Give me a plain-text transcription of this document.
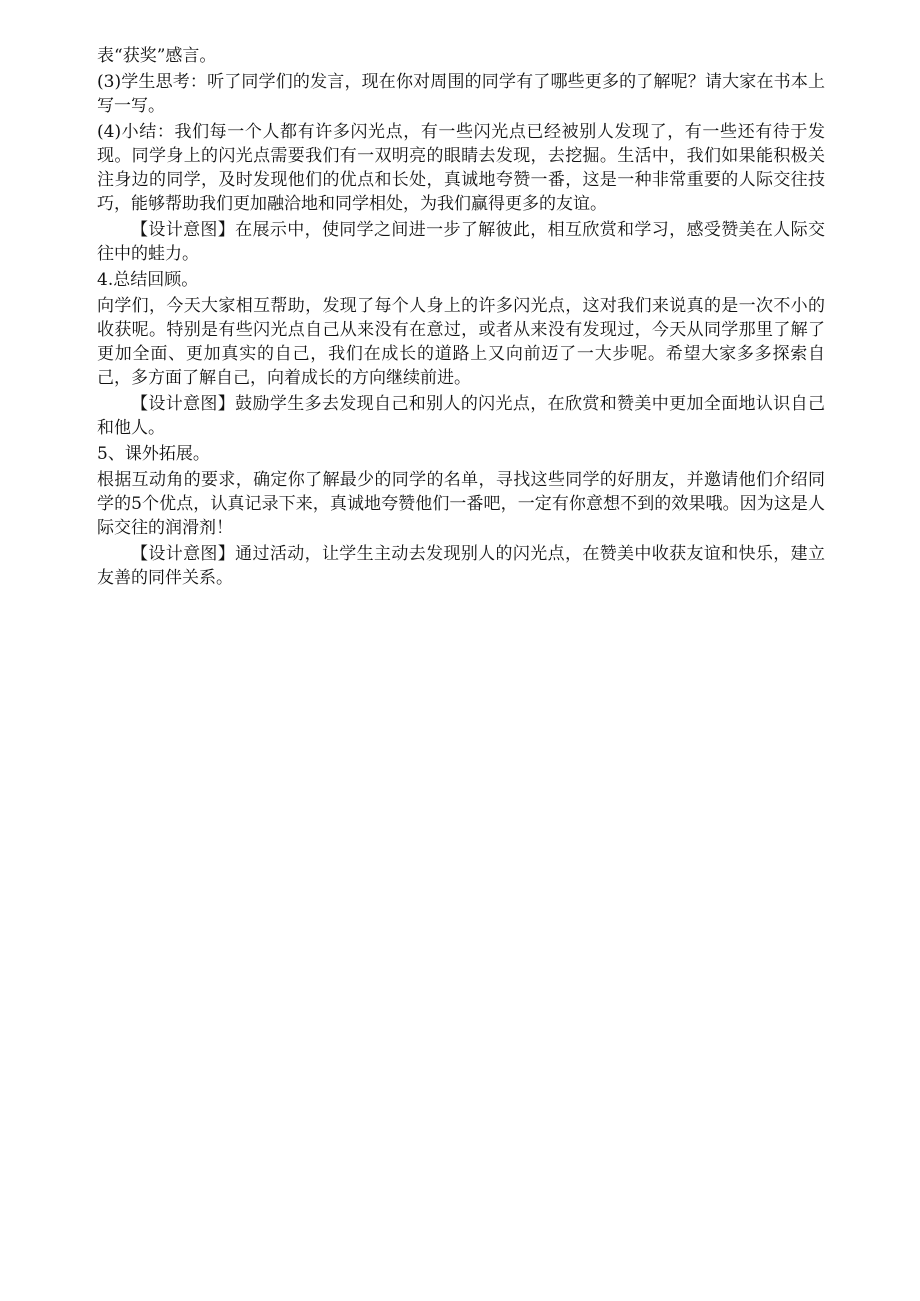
表“获奖”感言。

(3)学生思考：听了同学们的发言，现在你对周围的同学有了哪些更多的了解呢？请大家在书本上写一写。

(4)小结：我们每一个人都有许多闪光点，有一些闪光点已经被别人发现了，有一些还有待于发现。同学身上的闪光点需要我们有一双明亮的眼睛去发现，去挖掘。生活中，我们如果能积极关注身边的同学，及时发现他们的优点和长处，真诚地夸赞一番，这是一种非常重要的人际交往技巧，能够帮助我们更加融洽地和同学相处，为我们赢得更多的友谊。

【设计意图】在展示中，使同学之间进一步了解彼此，相互欣赏和学习，感受赞美在人际交往中的蛙力。

4.总结回顾。

向学们，今天大家相互帮助，发现了每个人身上的许多闪光点，这对我们来说真的是一次不小的收获呢。特别是有些闪光点自己从来没有在意过，或者从来没有发现过，今天从同学那里了解了更加全面、更加真实的自己，我们在成长的道路上又向前迈了一大步呢。希望大家多多探索自己，多方面了解自己，向着成长的方向继续前进。

【设计意图】鼓励学生多去发现自己和别人的闪光点，在欣赏和赞美中更加全面地认识自己和他人。

5、课外拓展。

根据互动角的要求，确定你了解最少的同学的名单，寻找这些同学的好朋友，并邀请他们介绍同学的5个优点，认真记录下来，真诚地夸赞他们一番吧，一定有你意想不到的效果哦。因为这是人际交往的润滑剂！

【设计意图】通过活动，让学生主动去发现别人的闪光点，在赞美中收获友谊和快乐，建立友善的同伴关系。
